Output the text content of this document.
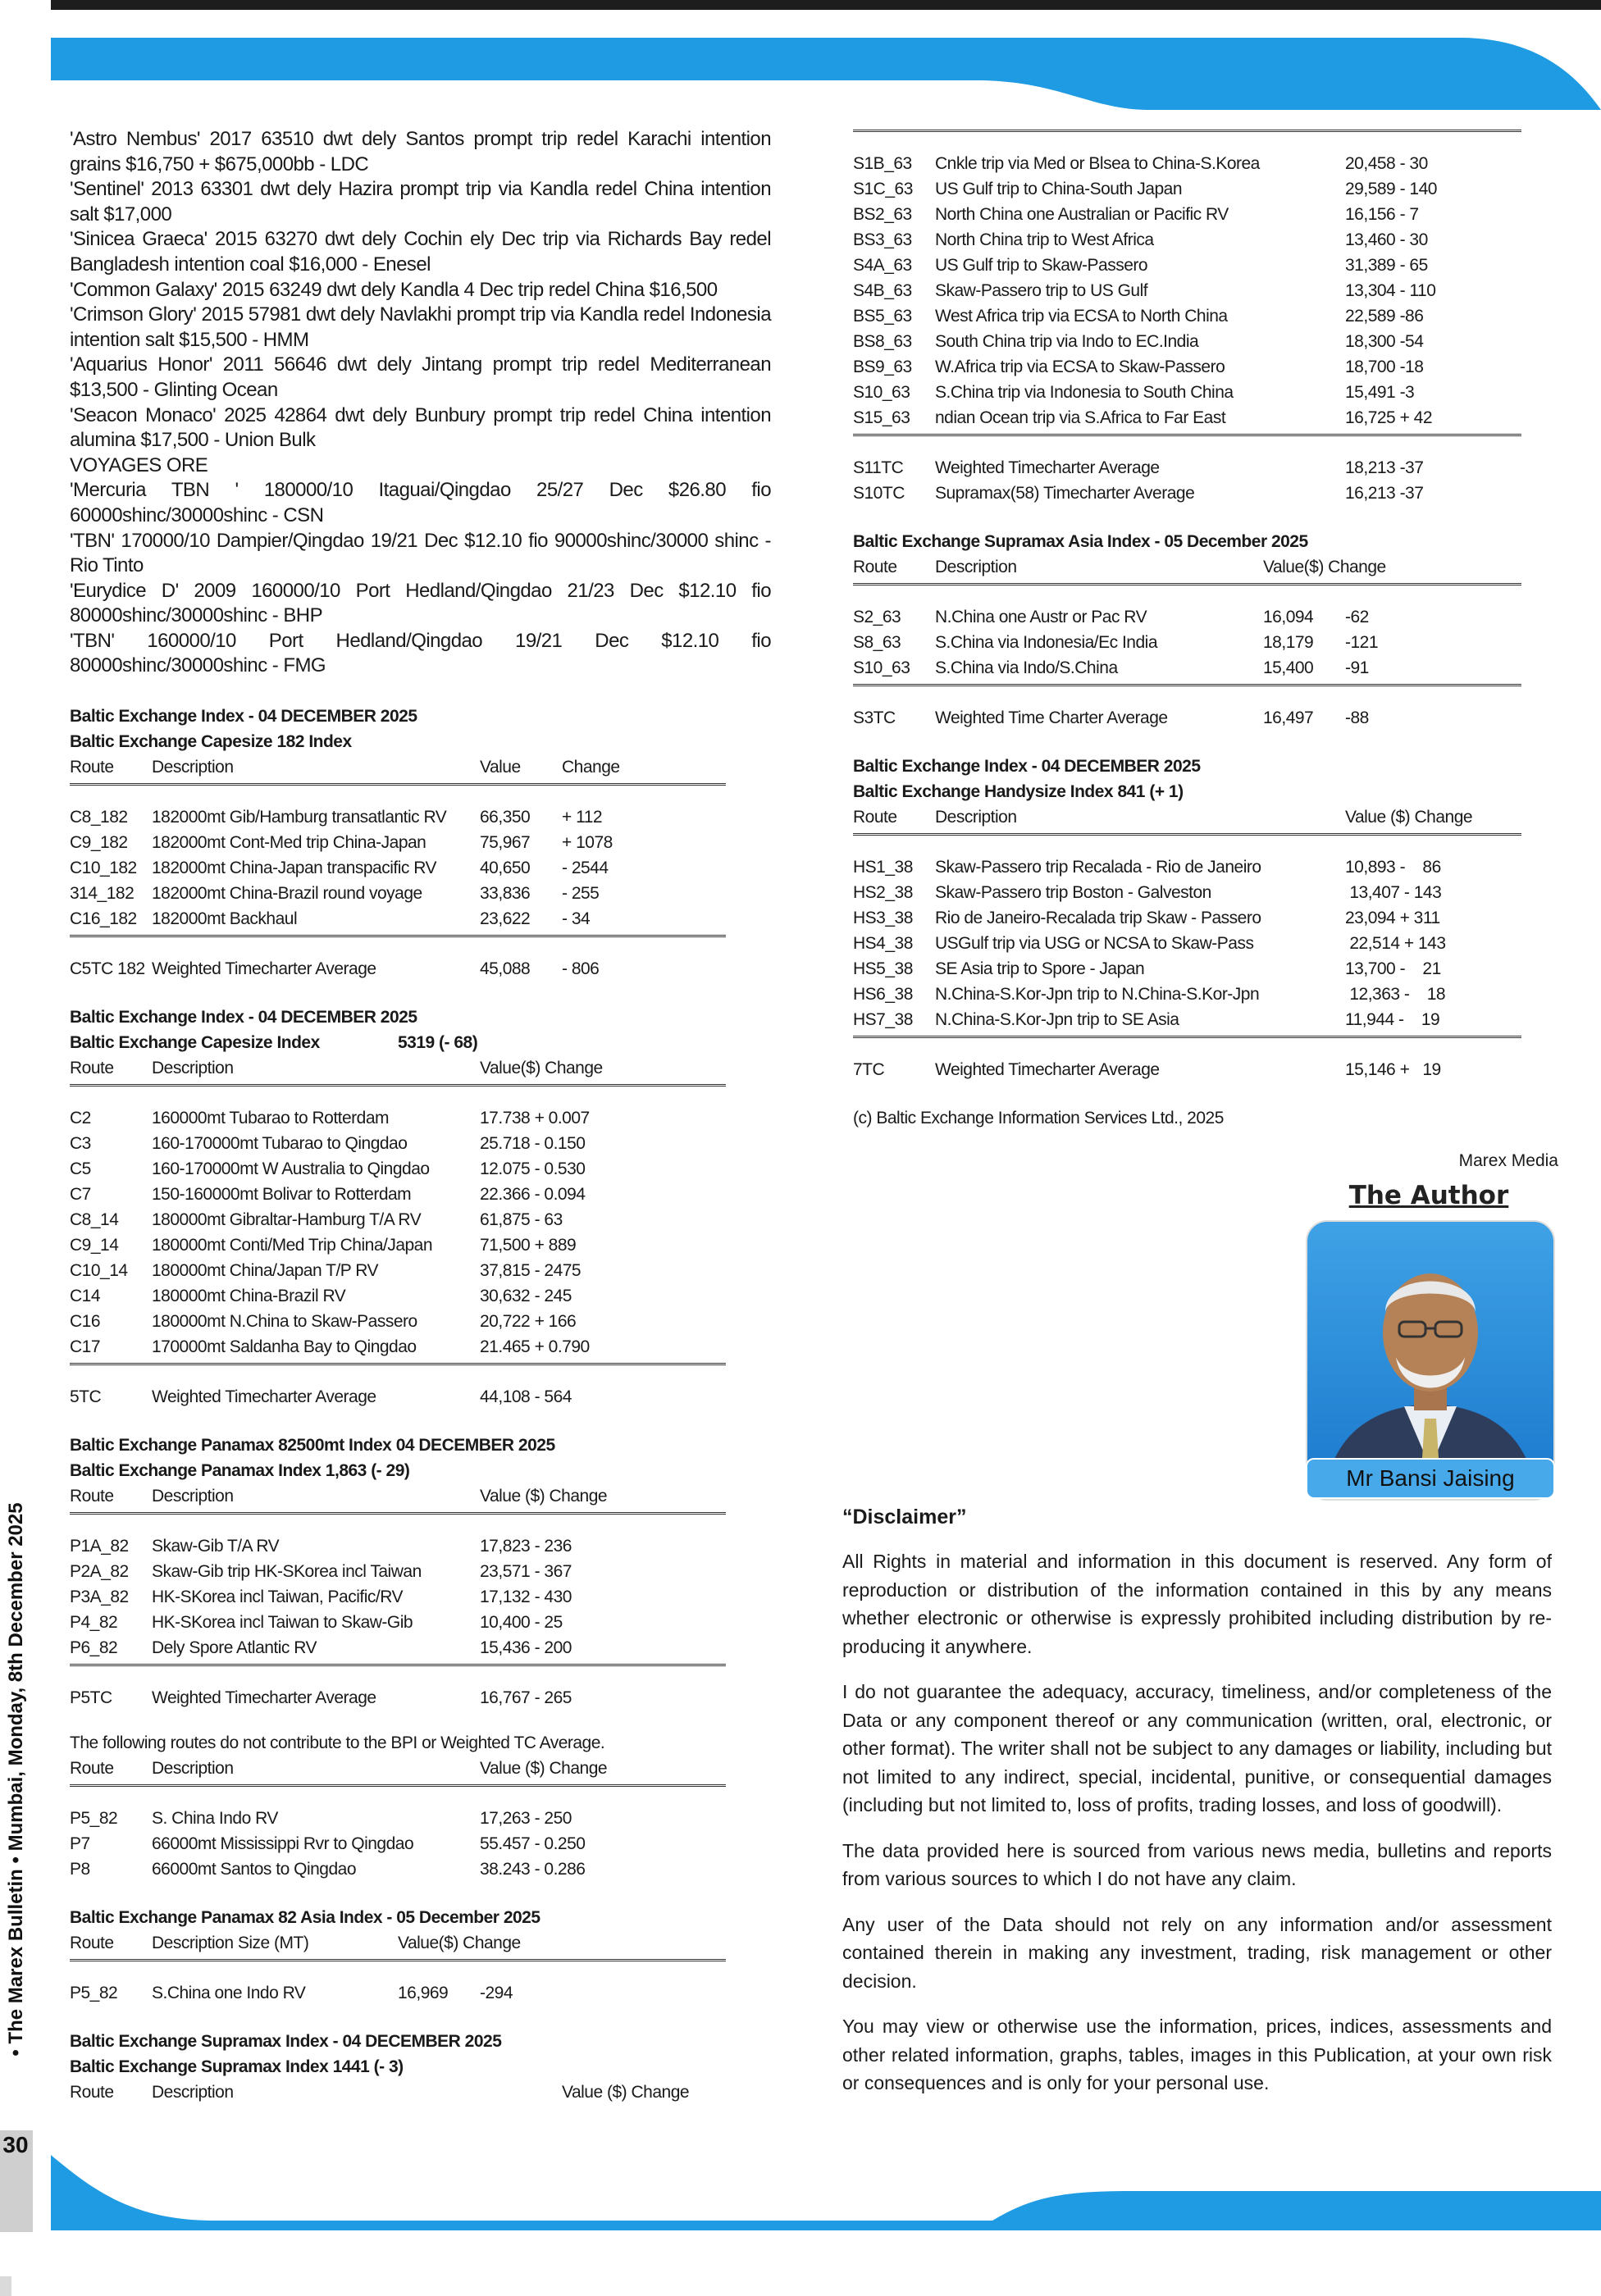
• The Marex Bulletin • Mumbai, Monday, 8th December 2025
30

'Astro Nembus' 2017 63510 dwt dely Santos prompt trip redel Karachi intention grains $16,750 + $675,000bb - LDC

'Sentinel' 2013 63301 dwt dely Hazira prompt trip via Kandla redel China intention salt $17,000

'Sinicea Graeca' 2015 63270 dwt dely Cochin ely Dec trip via Richards Bay redel Bangladesh intention coal $16,000 - Enesel

'Common Galaxy' 2015 63249 dwt dely Kandla 4 Dec trip redel China $16,500

'Crimson Glory' 2015 57981 dwt dely Navlakhi prompt trip via Kandla redel Indonesia intention salt $15,500 - HMM

'Aquarius Honor' 2011 56646 dwt dely Jintang prompt trip redel Mediterranean $13,500 - Glinting Ocean

'Seacon Monaco' 2025 42864 dwt dely Bunbury prompt trip redel China intention alumina $17,500 - Union Bulk

VOYAGES ORE

'Mercuria TBN ' 180000/10 Itaguai/Qingdao 25/27 Dec $26.80 fio 60000shinc/30000shinc - CSN

'TBN' 170000/10 Dampier/Qingdao 19/21 Dec $12.10 fio 90000shinc/30000 shinc - Rio Tinto

'Eurydice D' 2009 160000/10 Port Hedland/Qingdao 21/23 Dec $12.10 fio 80000shinc/30000shinc - BHP

'TBN' 160000/10 Port Hedland/Qingdao 19/21 Dec $12.10 fio 80000shinc/30000shinc - FMG

Baltic Exchange Index - 04 DECEMBER 2025
Baltic Exchange Capesize 182 Index
Route Description	Value Change
C8_182 182000mt Gib/Hamburg transatlantic RV 66,350 + 112
C9_182 182000mt Cont-Med trip China-Japan	75,967 + 1078
C10_182 182000mt China-Japan transpacific RV	40,650 - 2544
314_182 182000mt China-Brazil round voyage	33,836 - 255
C16_182 182000mt Backhaul	23,622 - 34
C5TC 182 Weighted Timecharter Average	45,088 - 806
Baltic Exchange Index - 04 DECEMBER 2025
Baltic Exchange Capesize Index	5319 (- 68)
Route Description	Value($) Change
C2	160000mt Tubarao to Rotterdam	17.738 + 0.007
C3	160-170000mt Tubarao to Qingdao	25.718 - 0.150
C5	160-170000mt W Australia to Qingdao	12.075 - 0.530
C7	150-160000mt Bolivar to Rotterdam	22.366 - 0.094
C8_14 180000mt Gibraltar-Hamburg T/A RV	61,875 - 63
C9_14 180000mt Conti/Med Trip China/Japan	71,500 + 889
C10_14 180000mt China/Japan T/P RV	37,815 - 2475
C14	180000mt China-Brazil RV	30,632 - 245
C16	180000mt N.China to Skaw-Passero	20,722 + 166
C17	170000mt Saldanha Bay to Qingdao	21.465 + 0.790
5TC	Weighted Timecharter Average	44,108 - 564
Baltic Exchange Panamax 82500mt Index 04 DECEMBER 2025
Baltic Exchange Panamax Index 1,863 (- 29)
Route Description	Value ($) Change
P1A_82 Skaw-Gib T/A RV	17,823 - 236
P2A_82 Skaw-Gib trip HK-SKorea incl Taiwan	23,571 - 367
P3A_82 HK-SKorea incl Taiwan, Pacific/RV	17,132 - 430
P4_82 HK-SKorea incl Taiwan to Skaw-Gib	10,400 - 25
P6_82 Dely Spore Atlantic RV	15,436 - 200
P5TC Weighted Timecharter Average	16,767 - 265
The following routes do not contribute to the BPI or Weighted TC Average.
Route Description	Value ($) Change
P5_82 S. China Indo RV	17,263 - 250
P7	66000mt Mississippi Rvr to Qingdao	55.457 - 0.250
P8	66000mt Santos to Qingdao	38.243 - 0.286
Baltic Exchange Panamax 82 Asia Index - 05 December 2025
Route Description Size (MT)	Value($) Change
P5_82 S.China one Indo RV	16,969 -294
Baltic Exchange Supramax Index - 04 DECEMBER 2025
Baltic Exchange Supramax Index 1441 (- 3)
Route Description	Value ($) Change
S1B_63 Cnkle trip via Med or Blsea to China-S.Korea	20,458 - 30
S1C_63 US Gulf trip to China-South Japan	29,589 - 140
BS2_63 North China one Australian or Pacific RV	16,156 - 7
BS3_63 North China trip to West Africa	13,460 - 30
S4A_63 US Gulf trip to Skaw-Passero	31,389 - 65
S4B_63 Skaw-Passero trip to US Gulf	13,304 - 110
BS5_63 West Africa trip via ECSA to North China	22,589 -86
BS8_63 South China trip via Indo to EC.India	18,300 -54
BS9_63 W.Africa trip via ECSA to Skaw-Passero	18,700 -18
S10_63 S.China trip via Indonesia to South China	15,491 -3
S15_63 ndian Ocean trip via S.Africa to Far East	16,725 + 42
S11TC Weighted Timecharter Average	18,213 -37
S10TC Supramax(58) Timecharter Average	16,213 -37
Baltic Exchange Supramax Asia Index - 05 December 2025
Route Description	Value($) Change
S2_63 N.China one Austr or Pac RV	16,094 -62
S8_63 S.China via Indonesia/Ec India	18,179 -121
S10_63 S.China via Indo/S.China	15,400 -91
S3TC Weighted Time Charter Average	16,497 -88
Baltic Exchange Index - 04 DECEMBER 2025
Baltic Exchange Handysize Index 841 (+ 1)
Route Description	Value ($) Change
HS1_38 Skaw-Passero trip Recalada - Rio de Janeiro	10,893 -    86
HS2_38 Skaw-Passero trip Boston - Galveston	13,407 - 143
HS3_38 Rio de Janeiro-Recalada trip Skaw - Passero	23,094 + 311
HS4_38 USGulf trip via USG or NCSA to Skaw-Pass	22,514 + 143
HS5_38 SE Asia trip to Spore - Japan	13,700 -    21
HS6_38 N.China-S.Kor-Jpn trip to N.China-S.Kor-Jpn	12,363 -    18
HS7_38 N.China-S.Kor-Jpn trip to SE Asia	11,944 -    19
7TC	Weighted Timecharter Average	15,146 +   19
(c) Baltic Exchange Information Services Ltd., 2025
Marex Media
The Author
Mr Bansi Jaising
“Disclaimer”

All Rights in material and information in this document is reserved. Any form of reproduction or distribution of the information contained in this by any means whether electronic or otherwise is expressly prohibited including distribution by re- producing it anywhere.

I do not guarantee the adequacy, accuracy, timeliness, and/or completeness of the Data or any component thereof or any communication (written, oral, electronic, or other format). The writer shall not be subject to any damages or liability, including but not limited to any indirect, special, incidental, punitive, or consequential damages (including but not limited to, loss of profits, trading losses, and loss of goodwill).

The data provided here is sourced from various news media, bulletins and reports from various sources to which I do not have any claim.

Any user of the Data should not rely on any information and/or assessment contained therein in making any investment, trading, risk management or other decision.

You may view or otherwise use the information, prices, indices, assessments and other related information, graphs, tables, images in this Publication, at your own risk or consequences and is only for your personal use.
